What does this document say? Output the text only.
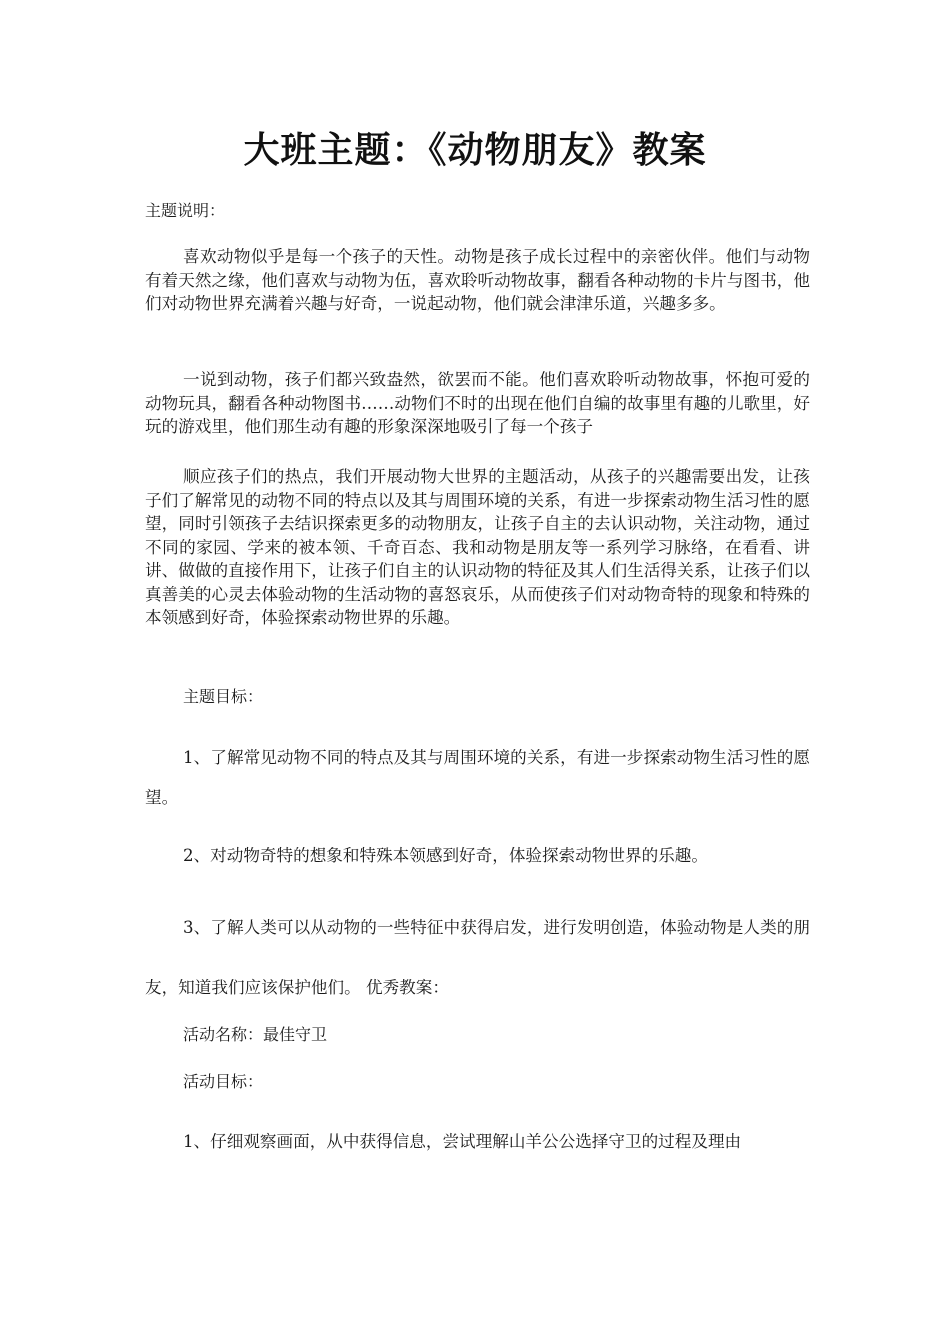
大班主题：《动物朋友》教案
主题说明：
喜欢动物似乎是每一个孩子的天性。动物是孩子成长过程中的亲密伙伴。他们与动物有着天然之缘，他们喜欢与动物为伍，喜欢聆听动物故事，翻看各种动物的卡片与图书，他们对动物世界充满着兴趣与好奇，一说起动物，他们就会津津乐道，兴趣多多。
一说到动物，孩子们都兴致盎然，欲罢而不能。他们喜欢聆听动物故事，怀抱可爱的动物玩具，翻看各种动物图书……动物们不时的出现在他们自编的故事里有趣的儿歌里，好玩的游戏里，他们那生动有趣的形象深深地吸引了每一个孩子
顺应孩子们的热点，我们开展动物大世界的主题活动，从孩子的兴趣需要出发，让孩子们了解常见的动物不同的特点以及其与周围环境的关系，有进一步探索动物生活习性的愿望，同时引领孩子去结识探索更多的动物朋友，让孩子自主的去认识动物，关注动物，通过不同的家园、学来的被本领、千奇百态、我和动物是朋友等一系列学习脉络，在看看、讲讲、做做的直接作用下，让孩子们自主的认识动物的特征及其人们生活得关系，让孩子们以真善美的心灵去体验动物的生活动物的喜怒哀乐，从而使孩子们对动物奇特的现象和特殊的本领感到好奇，体验探索动物世界的乐趣。
主题目标：
1、了解常见动物不同的特点及其与周围环境的关系，有进一步探索动物生活习性的愿望。
2、对动物奇特的想象和特殊本领感到好奇，体验探索动物世界的乐趣。
3、了解人类可以从动物的一些特征中获得启发，进行发明创造，体验动物是人类的朋友，知道我们应该保护他们。 优秀教案：
活动名称：最佳守卫
活动目标：
1、仔细观察画面，从中获得信息，尝试理解山羊公公选择守卫的过程及理由
